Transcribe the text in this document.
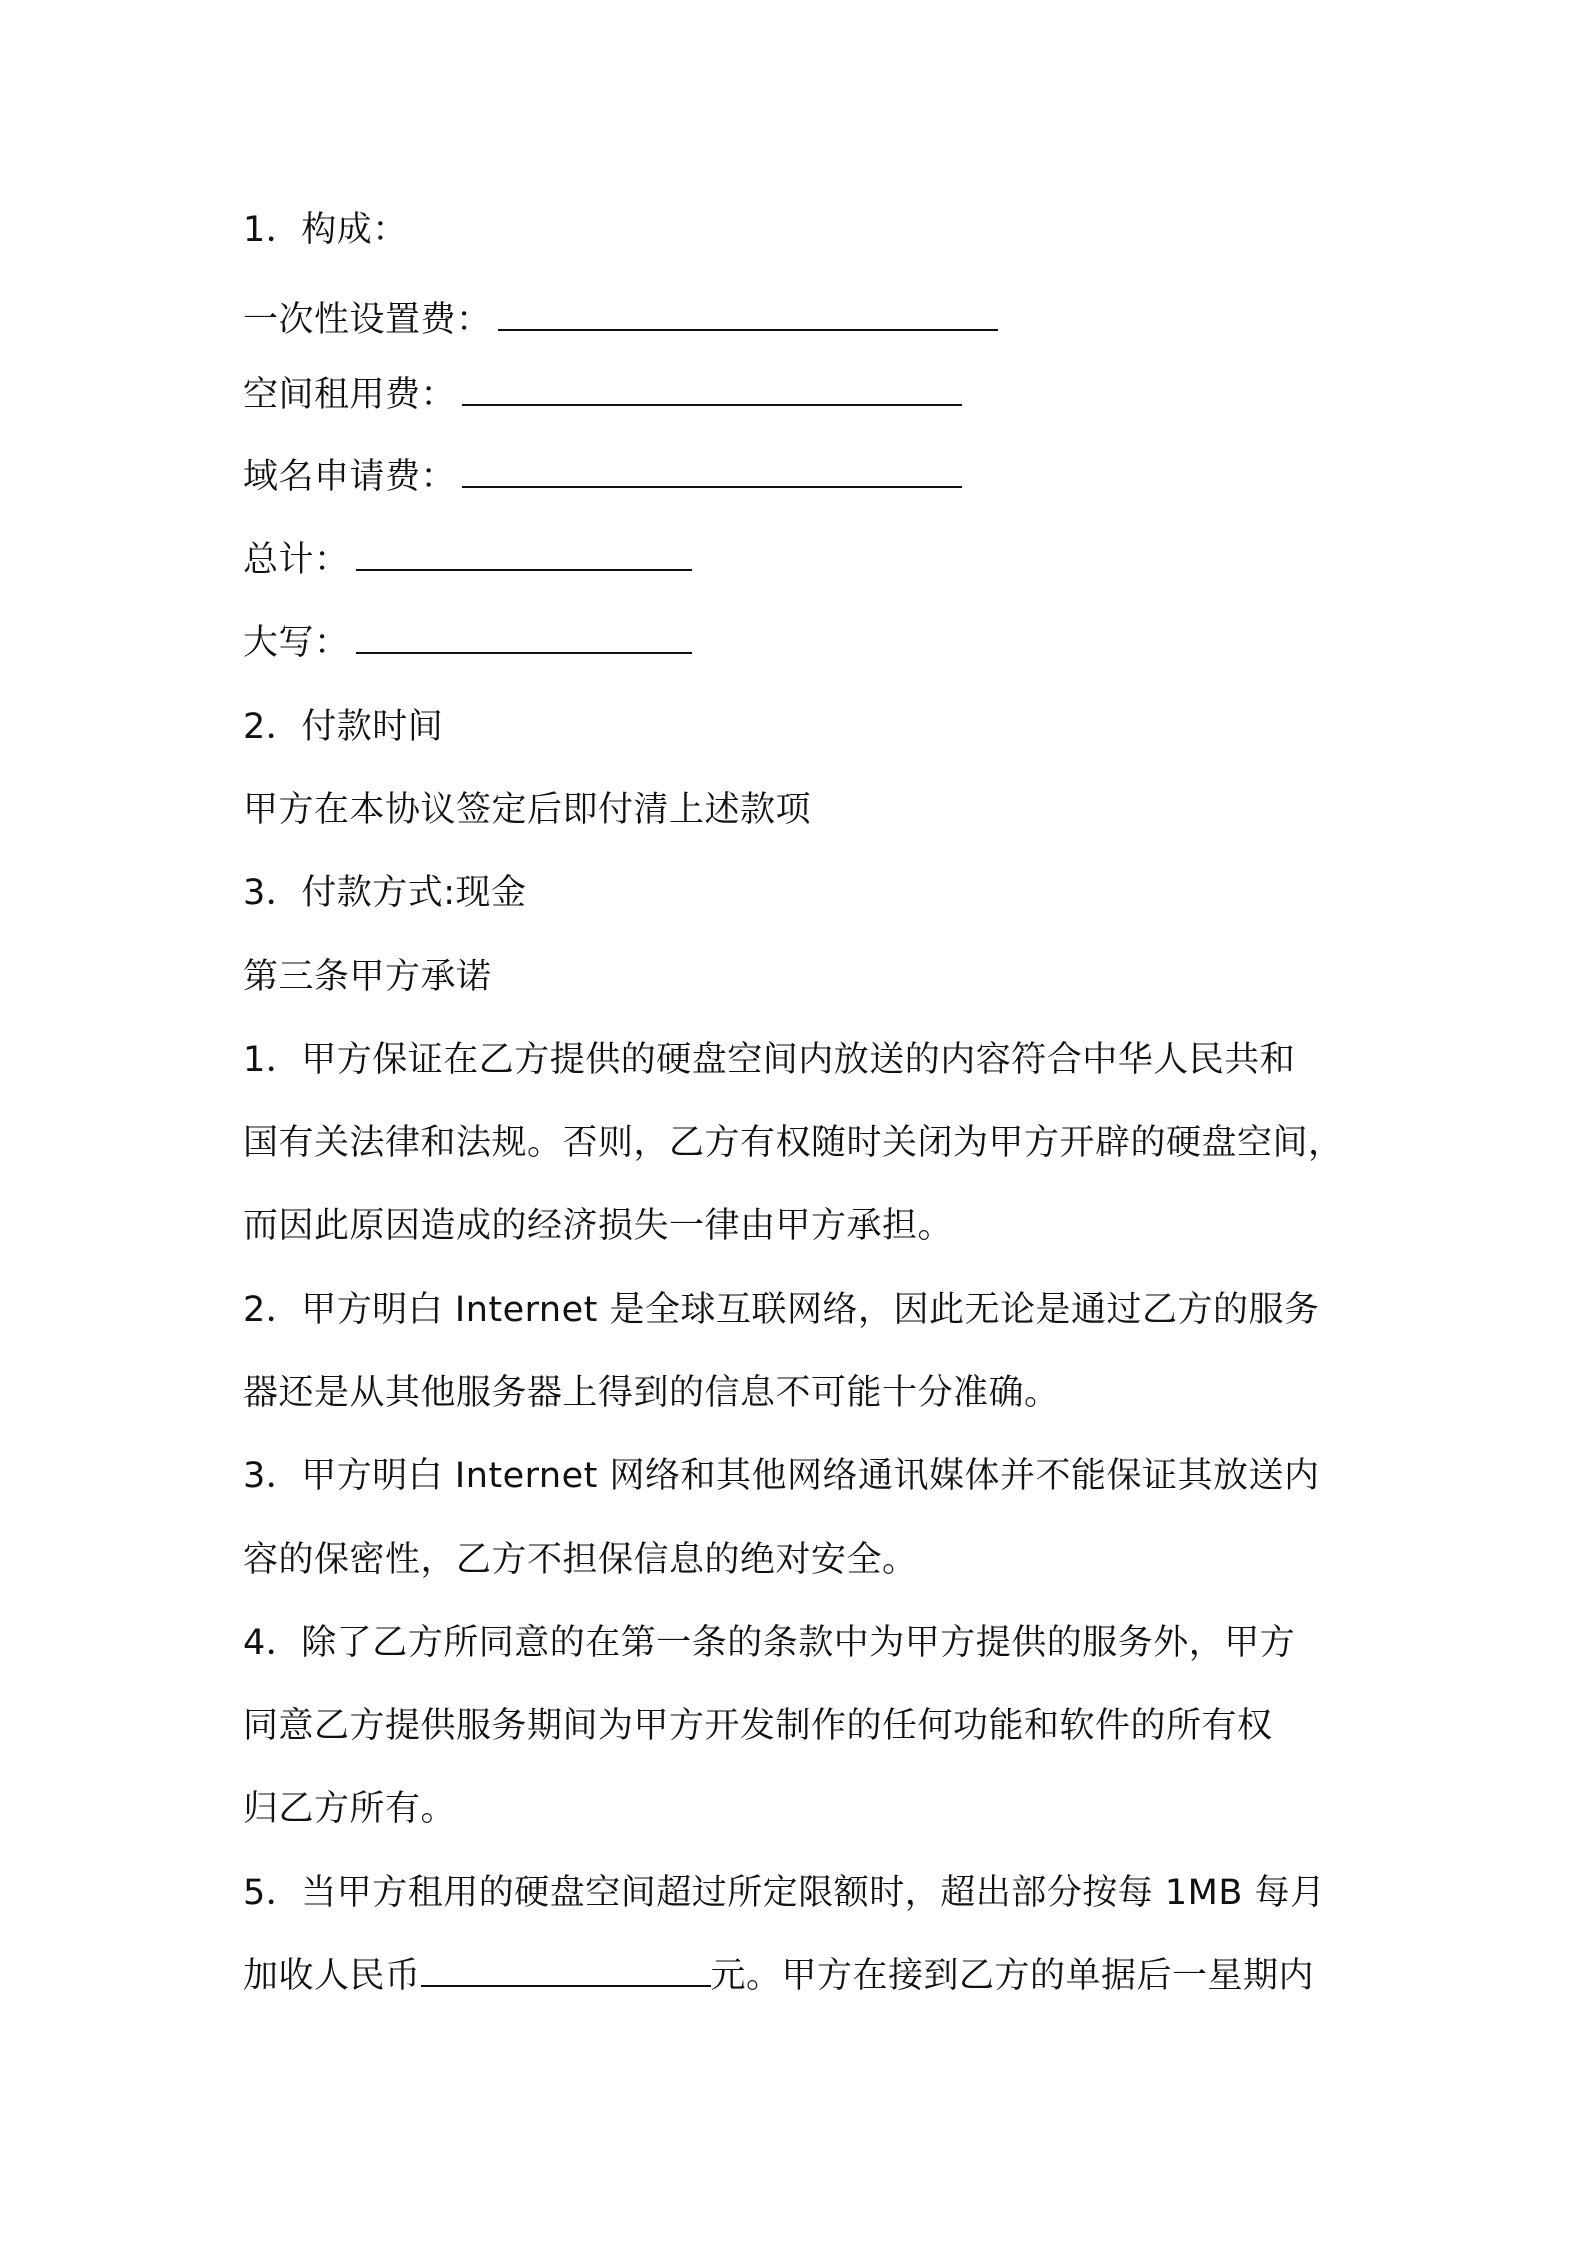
1．构成：
一次性设置费：
空间租用费：
域名申请费：
总计：
大写：
2．付款时间
甲方在本协议签定后即付清上述款项
3．付款方式:现金
第三条甲方承诺
1．甲方保证在乙方提供的硬盘空间内放送的内容符合中华人民共和
国有关法律和法规。否则，乙方有权随时关闭为甲方开辟的硬盘空间，
而因此原因造成的经济损失一律由甲方承担。
2．甲方明白 Internet 是全球互联网络，因此无论是通过乙方的服务
器还是从其他服务器上得到的信息不可能十分准确。
3．甲方明白 Internet 网络和其他网络通讯媒体并不能保证其放送内
容的保密性，乙方不担保信息的绝对安全。
4．除了乙方所同意的在第一条的条款中为甲方提供的服务外，甲方
同意乙方提供服务期间为甲方开发制作的任何功能和软件的所有权
归乙方所有。
5．当甲方租用的硬盘空间超过所定限额时，超出部分按每 1MB 每月
加收人民币	元。甲方在接到乙方的单据后一星期内
